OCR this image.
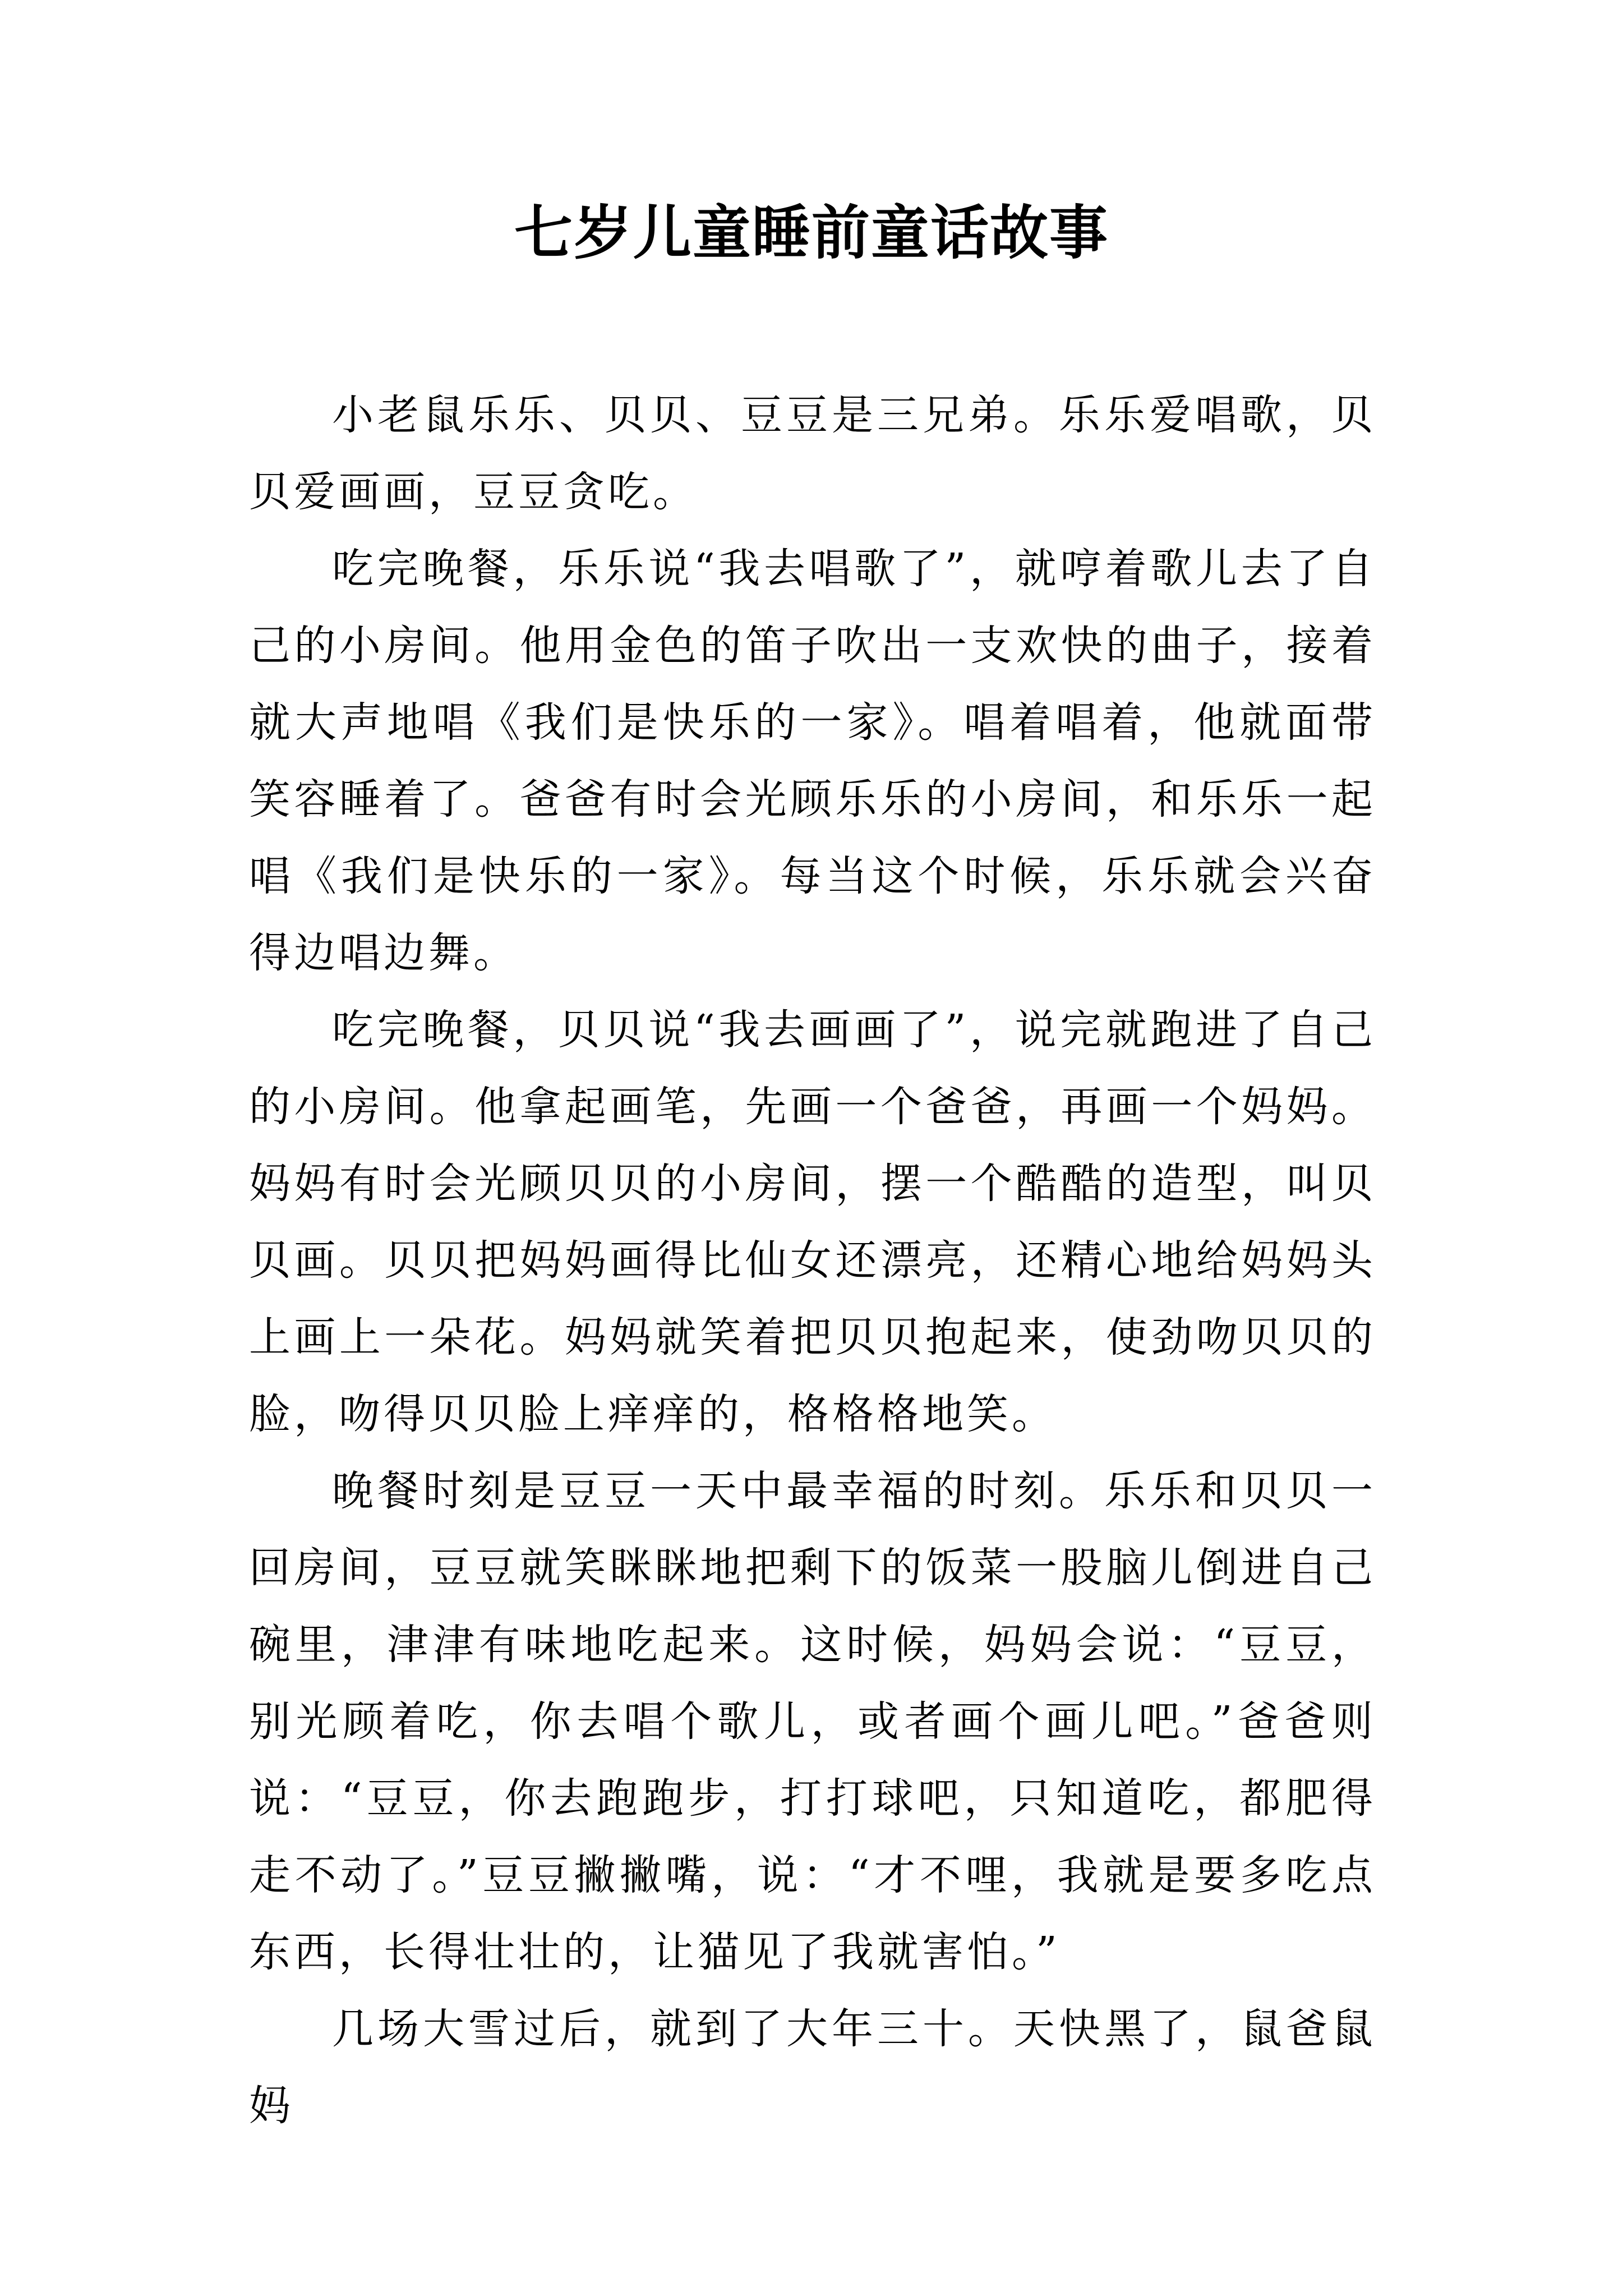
七岁儿童睡前童话故事

小老鼠乐乐、贝贝、豆豆是三兄弟。乐乐爱唱歌，贝贝爱画画，豆豆贪吃。

吃完晚餐，乐乐说“我去唱歌了”，就哼着歌儿去了自己的小房间。他用金色的笛子吹出一支欢快的曲子，接着就大声地唱《我们是快乐的一家》。唱着唱着，他就面带笑容睡着了。爸爸有时会光顾乐乐的小房间，和乐乐一起唱《我们是快乐的一家》。每当这个时候，乐乐就会兴奋得边唱边舞。

吃完晚餐，贝贝说“我去画画了”，说完就跑进了自己的小房间。他拿起画笔，先画一个爸爸，再画一个妈妈。妈妈有时会光顾贝贝的小房间，摆一个酷酷的造型，叫贝贝画。贝贝把妈妈画得比仙女还漂亮，还精心地给妈妈头上画上一朵花。妈妈就笑着把贝贝抱起来，使劲吻贝贝的脸，吻得贝贝脸上痒痒的，格格格地笑。

晚餐时刻是豆豆一天中最幸福的时刻。乐乐和贝贝一回房间，豆豆就笑眯眯地把剩下的饭菜一股脑儿倒进自己碗里，津津有味地吃起来。这时候，妈妈会说：“豆豆，别光顾着吃，你去唱个歌儿，或者画个画儿吧。”爸爸则说：“豆豆，你去跑跑步，打打球吧，只知道吃，都肥得走不动了。”豆豆撇撇嘴，说：“才不哩，我就是要多吃点东西，长得壮壮的，让猫见了我就害怕。”

几场大雪过后，就到了大年三十。天快黑了，鼠爸鼠妈
